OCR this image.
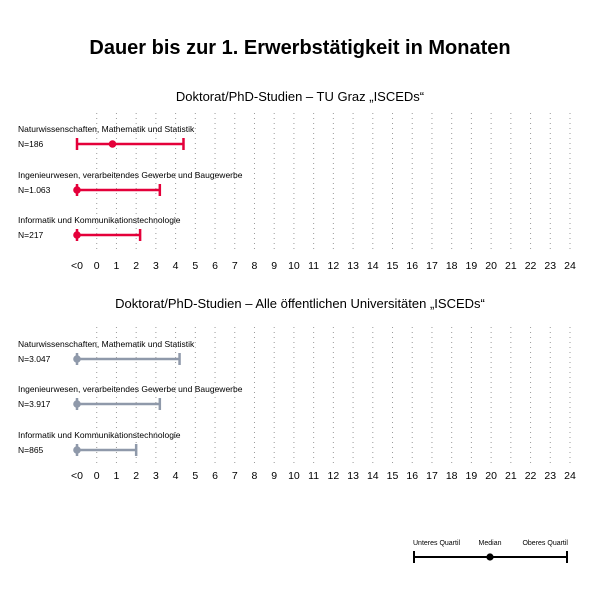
Dauer bis zur 1. Erwerbstätigkeit in Monaten
Doktorat/PhD-Studien – TU Graz „ISCEDs“
<0 0 1 2 3 4 5 6 7 8 9 10 11 12 13 14 15 16 17 18 19 20 21 22 23 24
Naturwissenschaften, Mathematik und Statistik
N=186
Ingenieurwesen, verarbeitendes Gewerbe und Baugewerbe
N=1.063
Informatik und Kommunikationstechnologie
N=217
Doktorat/PhD-Studien – Alle öffentlichen Universitäten „ISCEDs“
<0 0 1 2 3 4 5 6 7 8 9 10 11 12 13 14 15 16 17 18 19 20 21 22 23 24
Naturwissenschaften, Mathematik und Statistik
N=3.047
Ingenieurwesen, verarbeitendes Gewerbe und Baugewerbe
N=3.917
Informatik und Kommunikationstechnologie
N=865
Unteres Quartil	Median	Oberes Quartil
